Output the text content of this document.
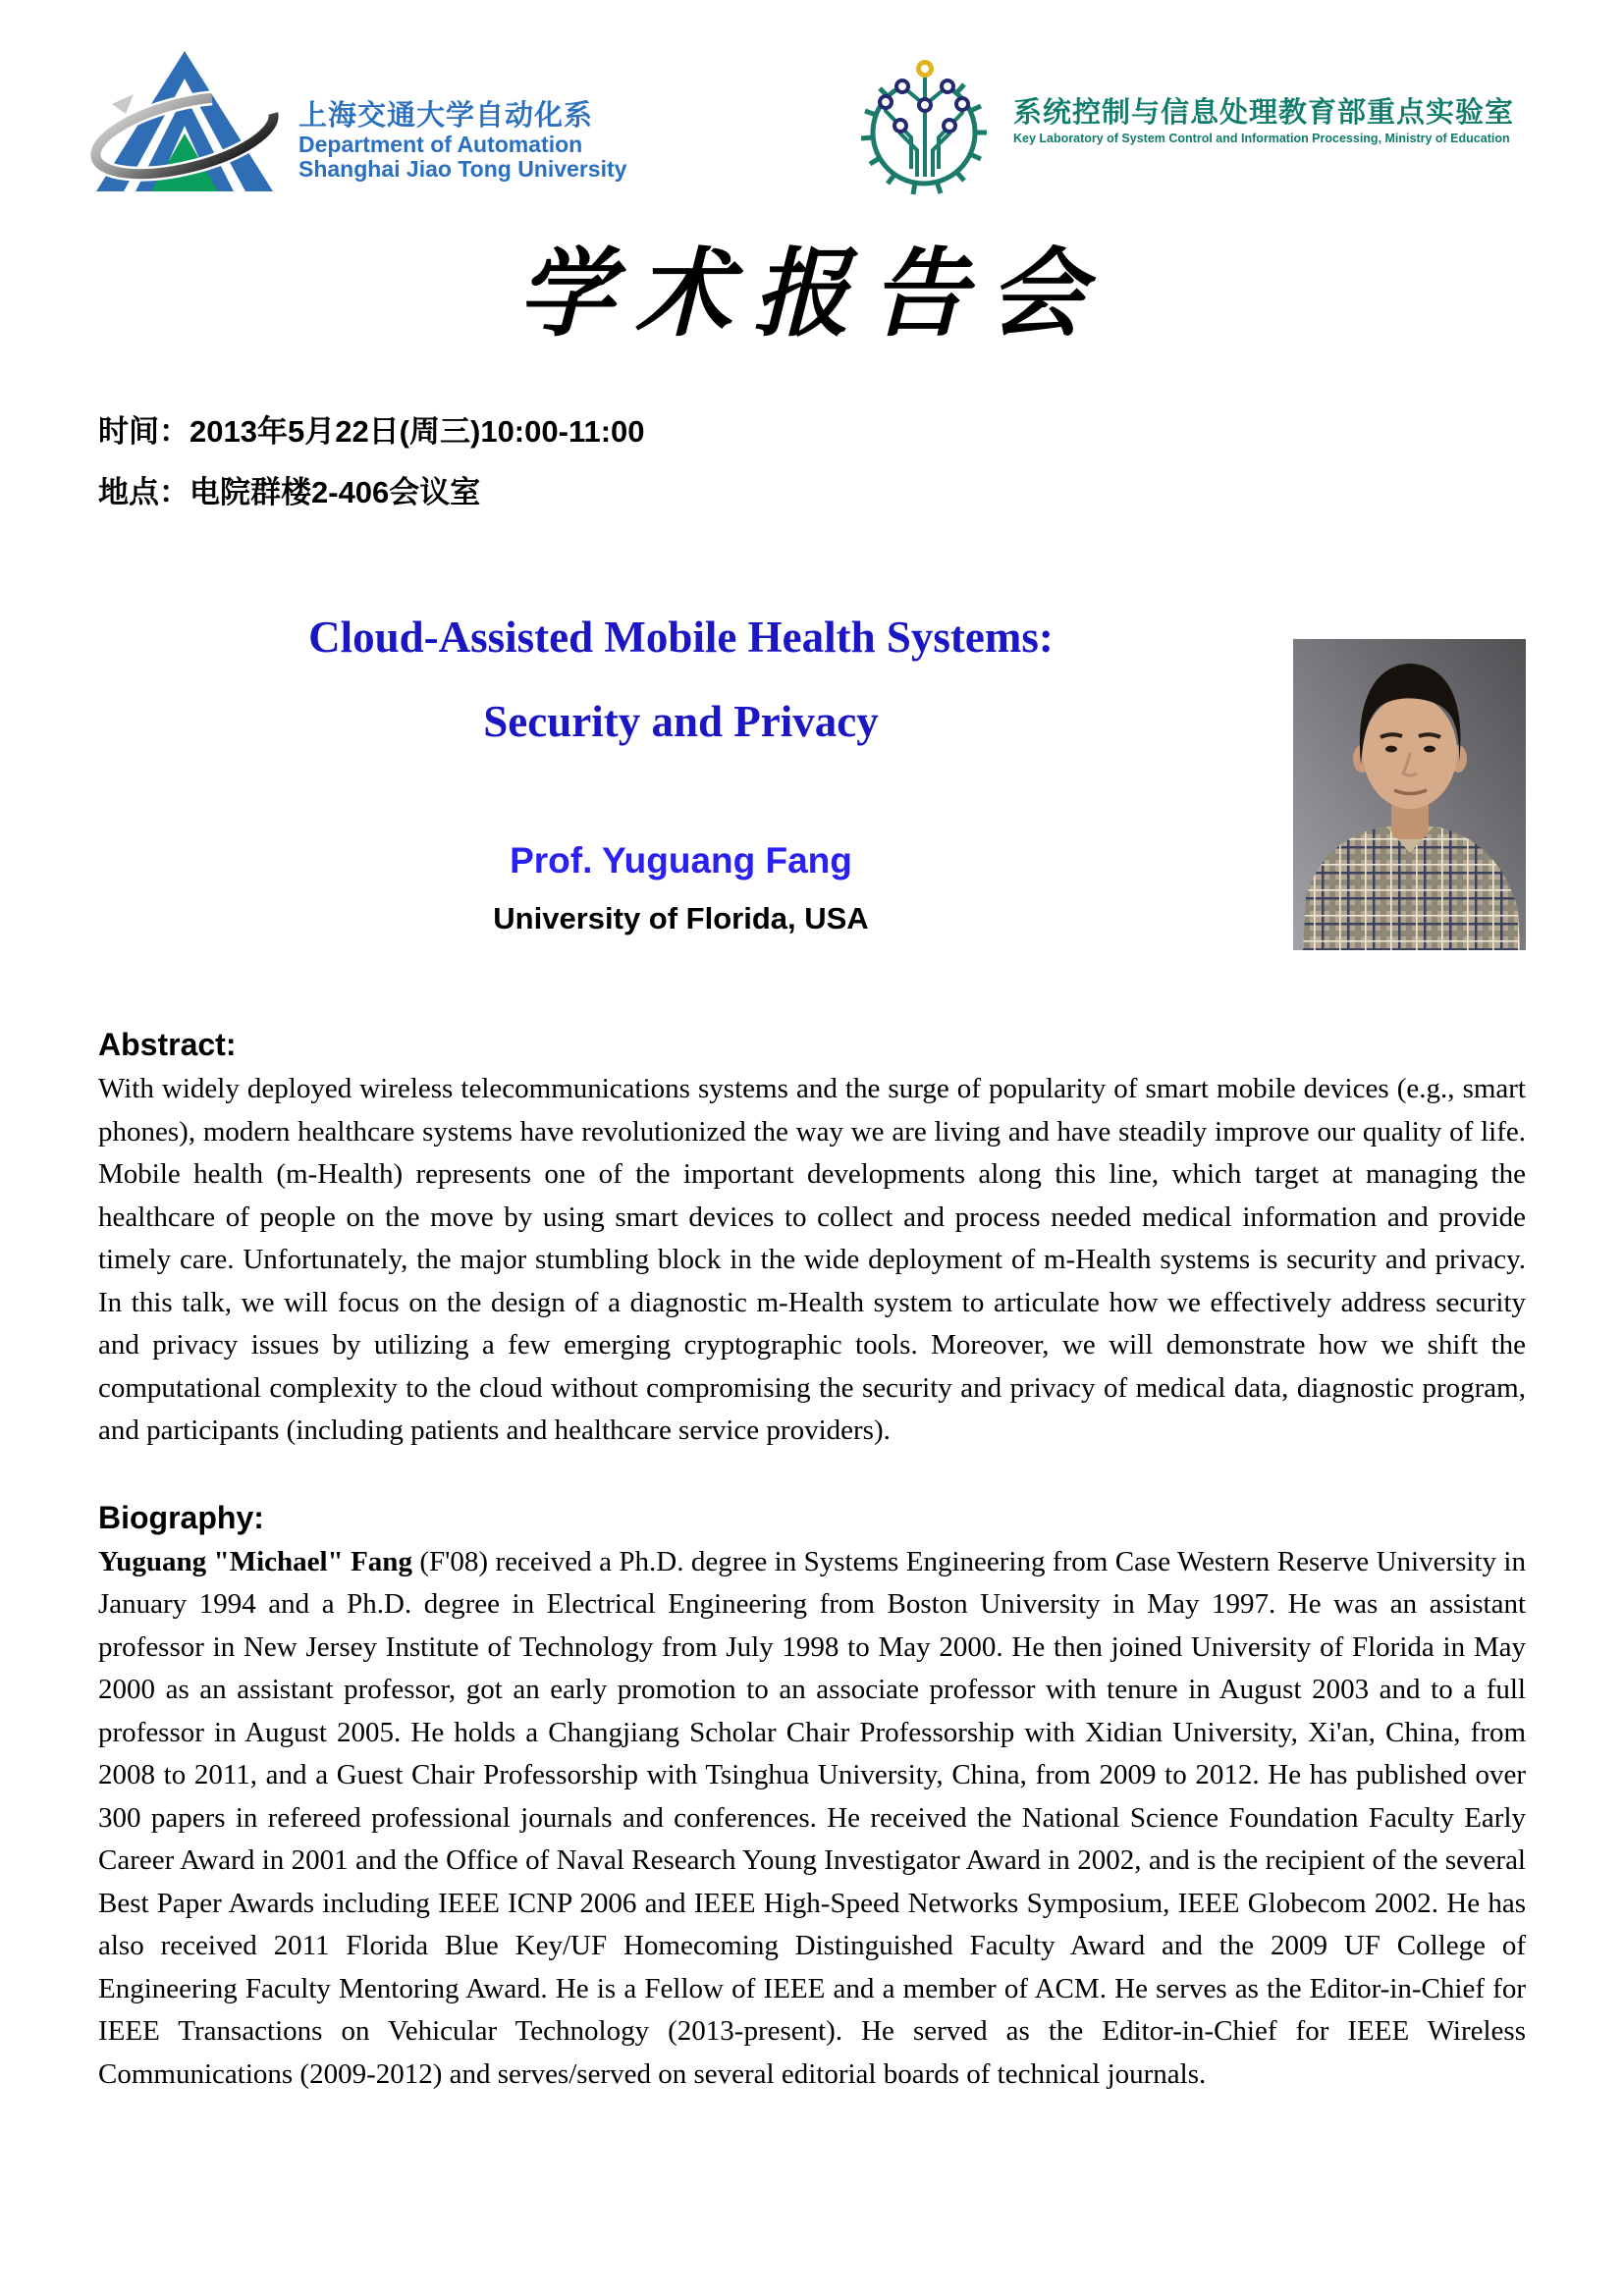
上海交通大学自动化系
Department of Automation
Shanghai Jiao Tong University
系统控制与信息处理教育部重点实验室
Key Laboratory of System Control and Information Processing, Ministry of Education
学术报告会
时间：2013年5月22日(周三)10:00-11:00
地点：电院群楼2-406会议室
Cloud-Assisted Mobile Health Systems:
Security and Privacy
Prof. Yuguang Fang
University of Florida, USA
Abstract:
With widely deployed wireless telecommunications systems and the surge of popularity of smart mobile devices (e.g., smart phones), modern healthcare systems have revolutionized the way we are living and have steadily improve our quality of life. Mobile health (m-Health) represents one of the important developments along this line, which target at managing the healthcare of people on the move by using smart devices to collect and process needed medical information and provide timely care. Unfortunately, the major stumbling block in the wide deployment of m-Health systems is security and privacy. In this talk, we will focus on the design of a diagnostic m-Health system to articulate how we effectively address security and privacy issues by utilizing a few emerging cryptographic tools. Moreover, we will demonstrate how we shift the computational complexity to the cloud without compromising the security and privacy of medical data, diagnostic program, and participants (including patients and healthcare service providers).
Biography:
Yuguang "Michael" Fang (F'08) received a Ph.D. degree in Systems Engineering from Case Western Reserve University in January 1994 and a Ph.D. degree in Electrical Engineering from Boston University in May 1997. He was an assistant professor in New Jersey Institute of Technology from July 1998 to May 2000. He then joined University of Florida in May 2000 as an assistant professor, got an early promotion to an associate professor with tenure in August 2003 and to a full professor in August 2005. He holds a Changjiang Scholar Chair Professorship with Xidian University, Xi'an, China, from 2008 to 2011, and a Guest Chair Professorship with Tsinghua University, China, from 2009 to 2012. He has published over 300 papers in refereed professional journals and conferences. He received the National Science Foundation Faculty Early Career Award in 2001 and the Office of Naval Research Young Investigator Award in 2002, and is the recipient of the several Best Paper Awards including IEEE ICNP 2006 and IEEE High-Speed Networks Symposium, IEEE Globecom 2002. He has also received 2011 Florida Blue Key/UF Homecoming Distinguished Faculty Award and the 2009 UF College of Engineering Faculty Mentoring Award. He is a Fellow of IEEE and a member of ACM. He serves as the Editor-in-Chief for IEEE Transactions on Vehicular Technology (2013-present). He served as the Editor-in-Chief for IEEE Wireless Communications (2009-2012) and serves/served on several editorial boards of technical journals.
